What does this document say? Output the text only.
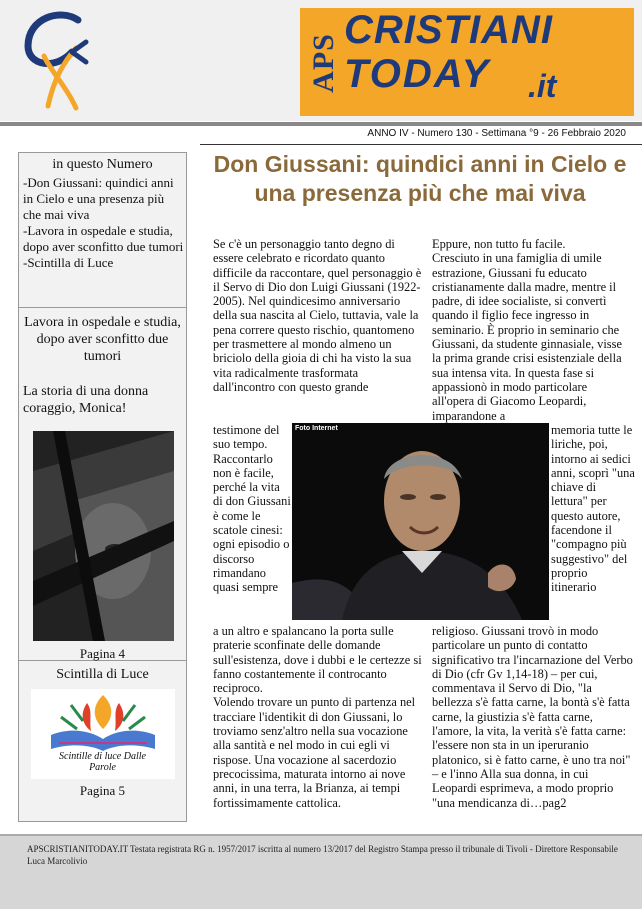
APS
CRISTIANI
TODAY .it
ANNO IV - Numero 130 - Settimana °9 - 26 Febbraio 2020
in questo Numero
-Don Giussani: quindici anni in Cielo e una presenza più che mai viva
-Lavora in ospedale e studia, dopo aver sconfitto due tumori
-Scintilla di Luce
Lavora in ospedale e studia, dopo aver sconfitto due tumori
La storia di una donna coraggio, Monica!
Pagina 4
Scintilla di Luce
Scintille di luce Dalle Parole
Pagina 5
Don Giussani: quindici anni in Cielo e una presenza più che mai viva
Se c'è un personaggio tanto degno di essere celebrato e ricordato quanto difficile da raccontare, quel personaggio è il Servo di Dio don Luigi Giussani (1922-2005). Nel quindicesimo anniversario della sua nascita al Cielo, tuttavia, vale la pena correre questo rischio, quantomeno per trasmettere al mondo almeno un briciolo della gioia di chi ha visto la sua vita radicalmente trasformata dall'incontro con questo grande
testimone del suo tempo. Raccontarlo non è facile, perché la vita di don Giussani è come le scatole cinesi: ogni episodio o discorso rimandano quasi sempre
a un altro e spalancano la porta sulle praterie sconfinate delle domande sull'esistenza, dove i dubbi e le certezze si fanno costantemente il controcanto reciproco.
Volendo trovare un punto di partenza nel tracciare l'identikit di don Giussani, lo troviamo senz'altro nella sua vocazione alla santità e nel modo in cui egli vi rispose. Una vocazione al sacerdozio precocissima, maturata intorno ai nove anni, in una terra, la Brianza, ai tempi fortissimamente cattolica.
Eppure, non tutto fu facile.
Cresciuto in una famiglia di umile estrazione, Giussani fu educato cristianamente dalla madre, mentre il padre, di idee socialiste, si convertì quando il figlio fece ingresso in seminario. È proprio in seminario che Giussani, da studente ginnasiale, visse la prima grande crisi esistenziale della sua intensa vita. In questa fase si appassionò in modo particolare all'opera di Giacomo Leopardi, imparandone a
memoria tutte le liriche, poi, intorno ai sedici anni, scoprì "una chiave di lettura" per questo autore, facendone il "compagno più suggestivo" del proprio itinerario
religioso. Giussani trovò in modo particolare un punto di contatto significativo tra l'incarnazione del Verbo di Dio (cfr Gv 1,14-18) – per cui, commentava il Servo di Dio, "la bellezza s'è fatta carne, la bontà s'è fatta carne, la giustizia s'è fatta carne, l'amore, la vita, la verità s'è fatta carne: l'essere non sta in un iperuranio platonico, si è fatto carne, è uno tra noi" – e l'inno Alla sua donna, in cui Leopardi esprimeva, a modo proprio "una mendicanza di…pag2
Foto Internet

APSCRISTIANITODAY.IT Testata registrata RG n. 1957/2017 iscritta al numero 13/2017 del Registro Stampa presso il tribunale di Tivoli - Direttore Responsabile Luca Marcolivio
